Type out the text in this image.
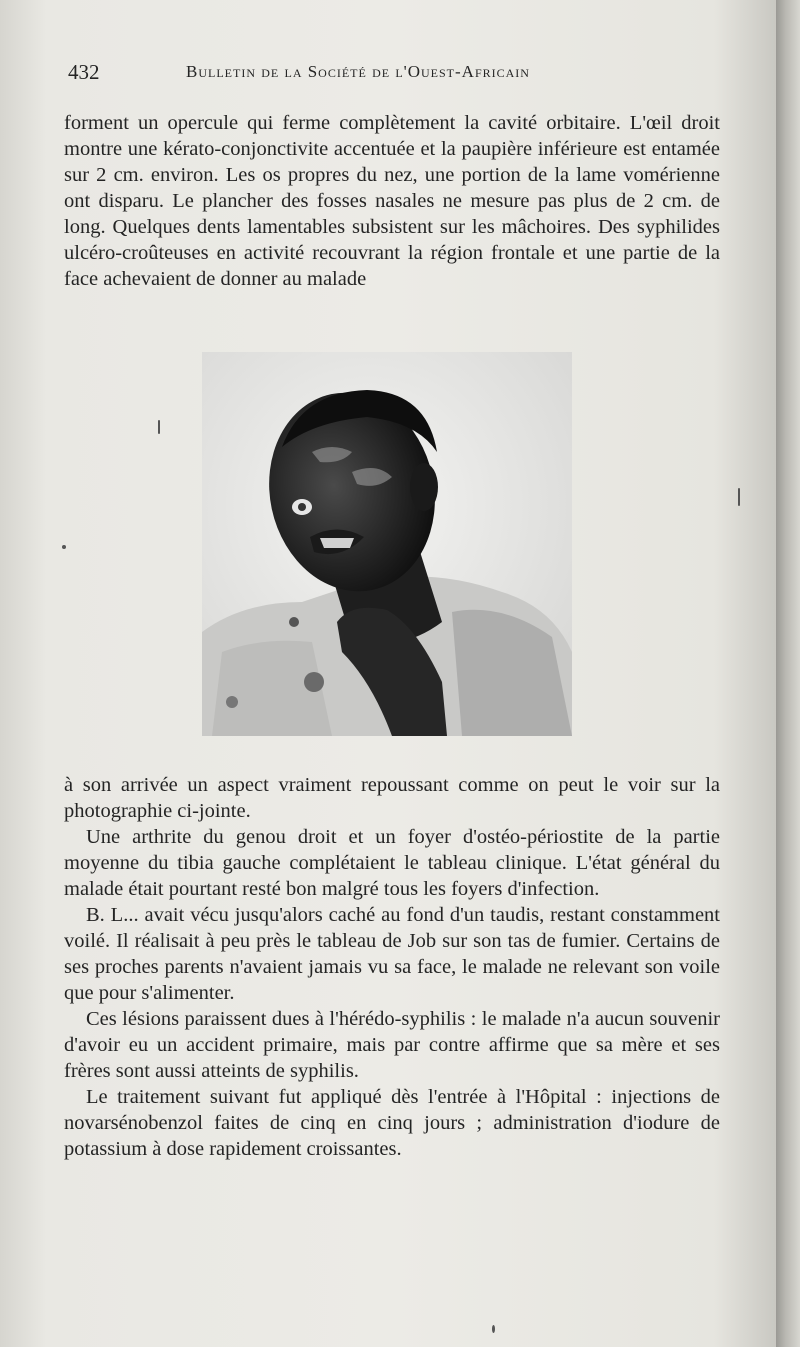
432	Bulletin de la Société de l'Ouest-Africain

forment un opercule qui ferme complètement la cavité orbitaire. L'œil droit montre une kérato-conjonctivite accentuée et la paupière inférieure est entamée sur 2 cm. environ. Les os propres du nez, une portion de la lame vomérienne ont disparu. Le plancher des fosses nasales ne mesure pas plus de 2 cm. de long. Quelques dents lamentables subsistent sur les mâchoires. Des syphilides ulcéro-croûteuses en activité recouvrant la région frontale et une partie de la face achevaient de donner au malade

à son arrivée un aspect vraiment repoussant comme on peut le voir sur la photographie ci-jointe.

Une arthrite du genou droit et un foyer d'ostéo-périostite de la partie moyenne du tibia gauche complétaient le tableau clinique. L'état général du malade était pourtant resté bon malgré tous les foyers d'infection.

B. L... avait vécu jusqu'alors caché au fond d'un taudis, restant constamment voilé. Il réalisait à peu près le tableau de Job sur son tas de fumier. Certains de ses proches parents n'avaient jamais vu sa face, le malade ne relevant son voile que pour s'alimenter.

Ces lésions paraissent dues à l'hérédo-syphilis : le malade n'a aucun souvenir d'avoir eu un accident primaire, mais par contre affirme que sa mère et ses frères sont aussi atteints de syphilis.

Le traitement suivant fut appliqué dès l'entrée à l'Hôpital : injections de novarsénobenzol faites de cinq en cinq jours ; administration d'iodure de potassium à dose rapidement croissantes.
